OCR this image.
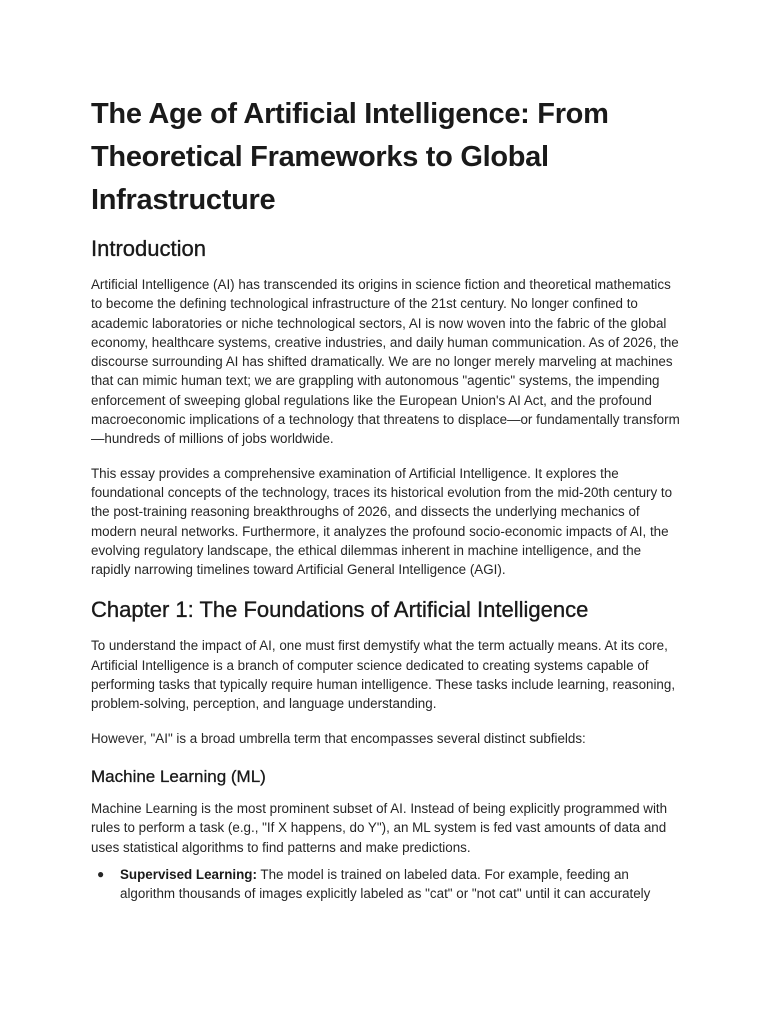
The Age of Artificial Intelligence: From Theoretical Frameworks to Global Infrastructure
Introduction

Artificial Intelligence (AI) has transcended its origins in science fiction and theoretical mathematics to become the defining technological infrastructure of the 21st century. No longer confined to academic laboratories or niche technological sectors, AI is now woven into the fabric of the global economy, healthcare systems, creative industries, and daily human communication. As of 2026, the discourse surrounding AI has shifted dramatically. We are no longer merely marveling at machines that can mimic human text; we are grappling with autonomous "agentic" systems, the impending enforcement of sweeping global regulations like the European Union's AI Act, and the profound macroeconomic implications of a technology that threatens to displace—or fundamentally transform—hundreds of millions of jobs worldwide.

This essay provides a comprehensive examination of Artificial Intelligence. It explores the foundational concepts of the technology, traces its historical evolution from the mid-20th century to the post-training reasoning breakthroughs of 2026, and dissects the underlying mechanics of modern neural networks. Furthermore, it analyzes the profound socio-economic impacts of AI, the evolving regulatory landscape, the ethical dilemmas inherent in machine intelligence, and the rapidly narrowing timelines toward Artificial General Intelligence (AGI).

Chapter 1: The Foundations of Artificial Intelligence

To understand the impact of AI, one must first demystify what the term actually means. At its core, Artificial Intelligence is a branch of computer science dedicated to creating systems capable of performing tasks that typically require human intelligence. These tasks include learning, reasoning, problem-solving, perception, and language understanding.

However, "AI" is a broad umbrella term that encompasses several distinct subfields:

Machine Learning (ML)

Machine Learning is the most prominent subset of AI. Instead of being explicitly programmed with rules to perform a task (e.g., "If X happens, do Y"), an ML system is fed vast amounts of data and uses statistical algorithms to find patterns and make predictions.

● Supervised Learning: The model is trained on labeled data. For example, feeding an algorithm thousands of images explicitly labeled as "cat" or "not cat" until it can accurately
